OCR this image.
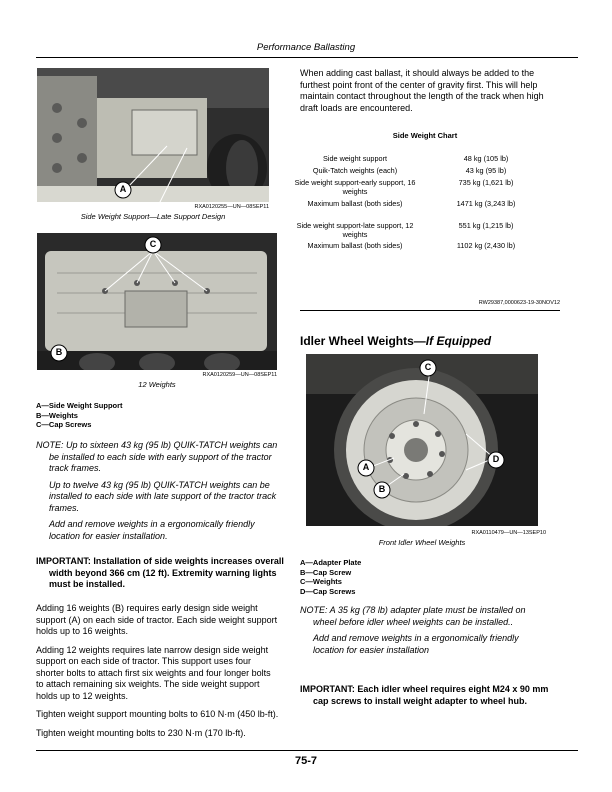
Performance Ballasting
A
RXA0120255—UN—08SEP11
Side Weight Support—Late Support Design
C
B
RXA0120259—UN—08SEP11
12 Weights
A—Side Weight Support
B—Weights
C—Cap Screws

NOTE: Up to sixteen 43 kg (95 lb) QUIK-TATCH weights can be installed to each side with early support of the tractor track frames.

Up to twelve 43 kg (95 lb) QUIK-TATCH weights can be installed to each side with late support of the tractor track frames.

Add and remove weights in a ergonomically friendly location for easier installation.

IMPORTANT: Installation of side weights increases overall width beyond 366 cm (12 ft). Extremity warning lights must be installed.

Adding 16 weights (B) requires early design side weight support (A) on each side of tractor. Each side weight support holds up to 16 weights.

Adding 12 weights requires late narrow design side weight support on each side of tractor. This support uses four shorter bolts to attach first six weights and four longer bolts to attach remaining six weights. The side weight support holds up to 12 weights.

Tighten weight support mounting bolts to 610 N·m (450 lb-ft).

Tighten weight mounting bolts to 230 N·m (170 lb-ft).

When adding cast ballast, it should always be added to the furthest point front of the center of gravity first. This will help maintain contact throughout the length of the track when high draft loads are encountered.
Side Weight Chart
Side weight support	48 kg (105 lb)
Quik-Tatch weights (each)	43 kg (95 lb)
Side weight support-early support, 16 weights	735 kg (1,621 lb)
Maximum ballast (both sides)	1471 kg (3,243 lb)
Side weight support-late support, 12 weights	551 kg (1,215 lb)
Maximum ballast (both sides)	1102 kg (2,430 lb)
RW29387,0000623-19-30NOV12
Idler Wheel Weights—If Equipped
C
A
D
B
RXA0110479—UN—13SEP10
Front Idler Wheel Weights
A—Adapter Plate
B—Cap Screw
C—Weights
D—Cap Screws

NOTE: A 35 kg (78 lb) adapter plate must be installed on wheel before idler wheel weights can be installed..

Add and remove weights in a ergonomically friendly location for easier installation

IMPORTANT: Each idler wheel requires eight M24 x 90 mm cap screws to install weight adapter to wheel hub.
75-7
